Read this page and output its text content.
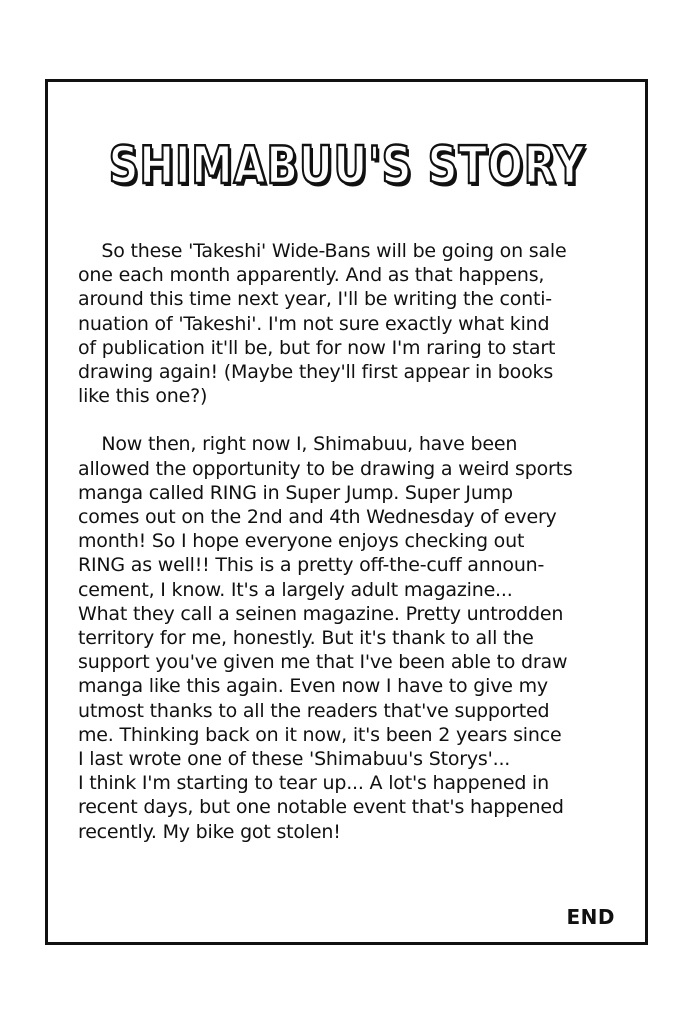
SHIMABUU'S STORY

So these 'Takeshi' Wide-Bans will be going on sale
one each month apparently. And as that happens,
around this time next year, I'll be writing the conti-
nuation of 'Takeshi'. I'm not sure exactly what kind
of publication it'll be, but for now I'm raring to start
drawing again! (Maybe they'll first appear in books
like this one?)

Now then, right now I, Shimabuu, have been
allowed the opportunity to be drawing a weird sports
manga called RING in Super Jump. Super Jump
comes out on the 2nd and 4th Wednesday of every
month! So I hope everyone enjoys checking out
RING as well!! This is a pretty off-the-cuff announ-
cement, I know. It's a largely adult magazine...
What they call a seinen magazine. Pretty untrodden
territory for me, honestly. But it's thank to all the
support you've given me that I've been able to draw
manga like this again. Even now I have to give my
utmost thanks to all the readers that've supported
me. Thinking back on it now, it's been 2 years since
I last wrote one of these 'Shimabuu's Storys'...
I think I'm starting to tear up... A lot's happened in
recent days, but one notable event that's happened
recently. My bike got stolen!

END
